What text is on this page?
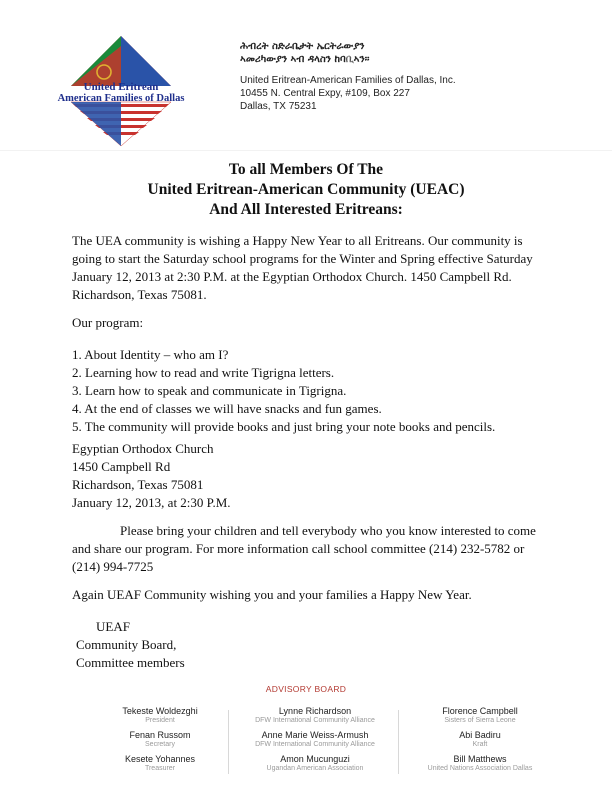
United Eritrean
American Families of Dallas
ሕብረት ስድራቤታት ኤርትራውያን
ኣመሪካውያን ኣብ ዳላስን ከባቢኣን።
United Eritrean-American Families of Dallas, Inc.
10455 N. Central Expy, #109, Box 227
Dallas, TX 75231
To all Members Of The
United Eritrean-American Community (UEAC)
And All Interested Eritreans:
The UEA community is wishing a Happy New Year to all Eritreans. Our community is going to start the Saturday school programs for the Winter and Spring effective Saturday January 12, 2013 at 2:30 P.M. at the Egyptian Orthodox Church. 1450 Campbell Rd. Richardson, Texas 75081.
Our program:
1. About Identity – who am I?
2. Learning how to read and write Tigrigna letters.
3. Learn how to speak and communicate in Tigrigna.
4. At the end of classes we will have snacks and fun games.
5. The community will provide books and just bring your note books and pencils.
Egyptian Orthodox Church
1450 Campbell Rd
Richardson, Texas 75081
January 12, 2013, at 2:30 P.M.
Please bring your children and tell everybody who you know interested to come and share our program. For more information call school committee (214) 232-5782 or (214) 994-7725
Again UEAF Community wishing you and your families a Happy New Year.
UEAF
Community Board,
Committee members
ADVISORY BOARD
Tekeste Woldezghi
President
Fenan Russom
Secretary
Kesete Yohannes
Treasurer
Lynne Richardson
DFW International Community Alliance
Anne Marie Weiss-Armush
DFW International Community Alliance
Amon Mucunguzi
Ugandan American Association
Florence Campbell
Sisters of Sierra Leone
Abi Badiru
Kraft
Bill Matthews
United Nations Association Dallas
